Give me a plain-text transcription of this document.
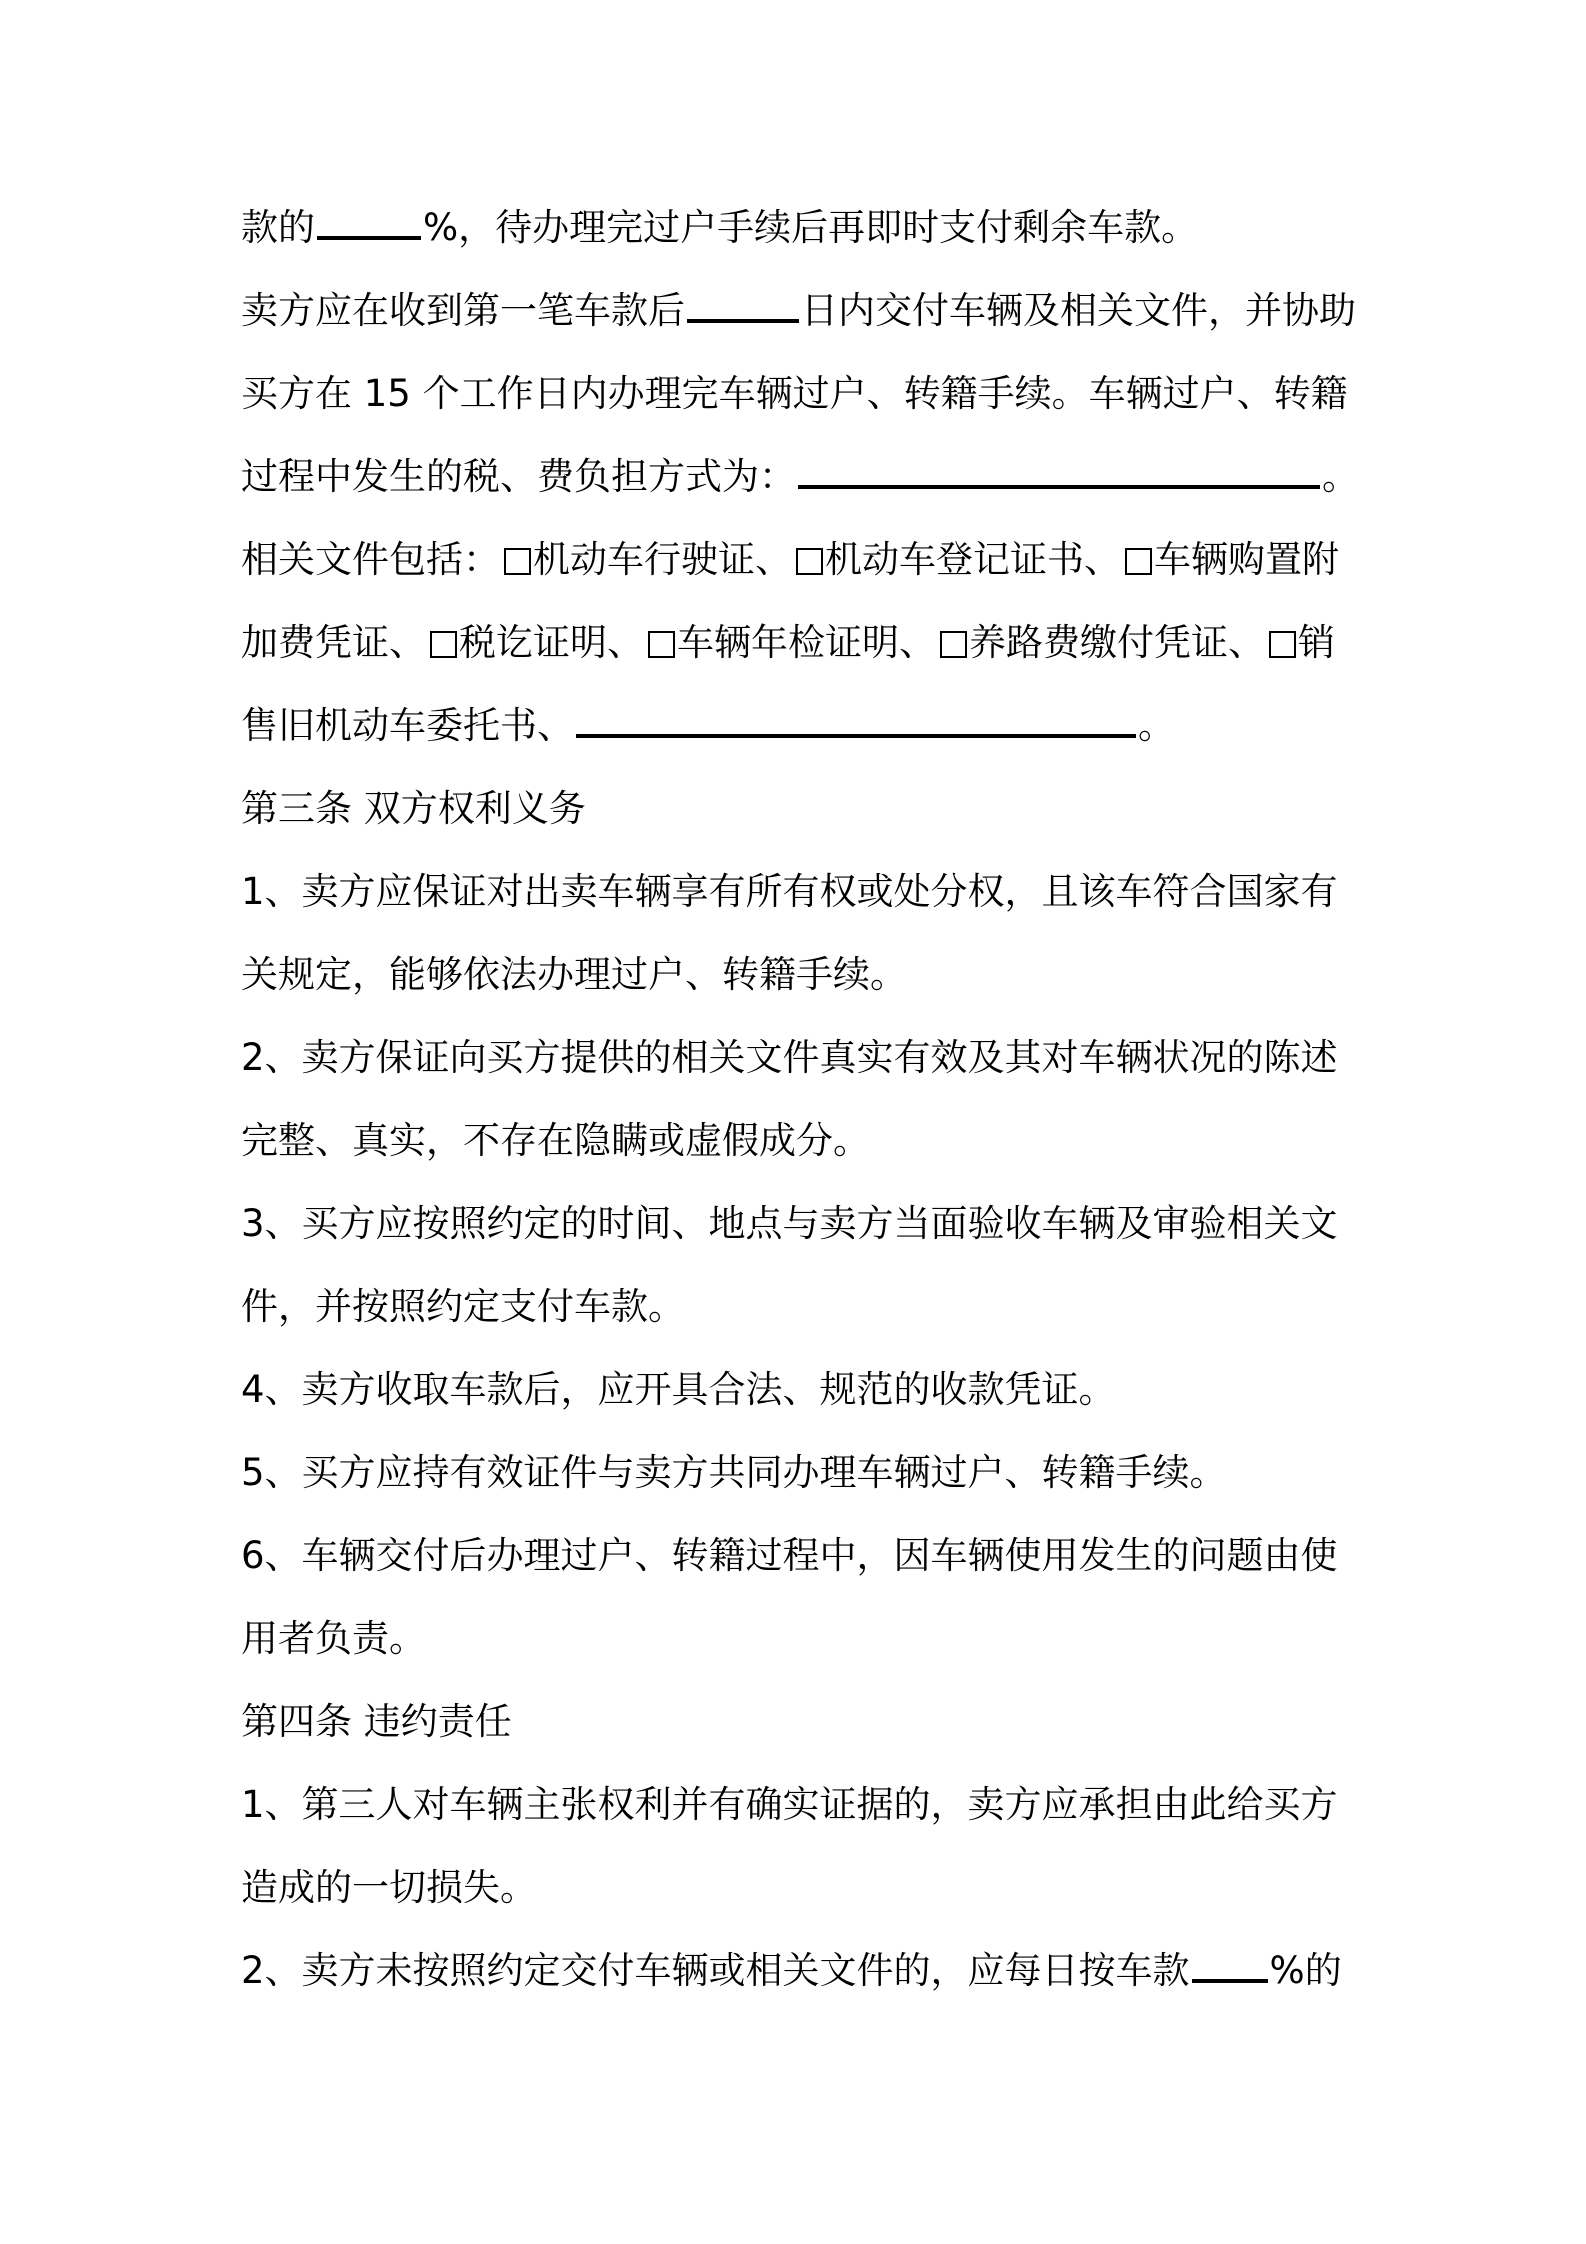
款的	%，待办理完过户手续后再即时支付剩余车款。
卖方应在收到第一笔车款后	日内交付车辆及相关文件，并协助
买方在 15 个工作日内办理完车辆过户、转籍手续。车辆过户、转籍
过程中发生的税、费负担方式为：	。
相关文件包括： 机动车行驶证、 机动车登记证书、 车辆购置附
加费凭证、 税讫证明、 车辆年检证明、 养路费缴付凭证、 销
售旧机动车委托书、	。
第三条 双方权利义务
1、卖方应保证对出卖车辆享有所有权或处分权，且该车符合国家有
关规定，能够依法办理过户、转籍手续。
2、卖方保证向买方提供的相关文件真实有效及其对车辆状况的陈述
完整、真实，不存在隐瞒或虚假成分。
3、买方应按照约定的时间、地点与卖方当面验收车辆及审验相关文
件，并按照约定支付车款。
4、卖方收取车款后，应开具合法、规范的收款凭证。
5、买方应持有效证件与卖方共同办理车辆过户、转籍手续。
6、车辆交付后办理过户、转籍过程中，因车辆使用发生的问题由使
用者负责。
第四条 违约责任
1、第三人对车辆主张权利并有确实证据的，卖方应承担由此给买方
造成的一切损失。
2、卖方未按照约定交付车辆或相关文件的，应每日按车款 %的
